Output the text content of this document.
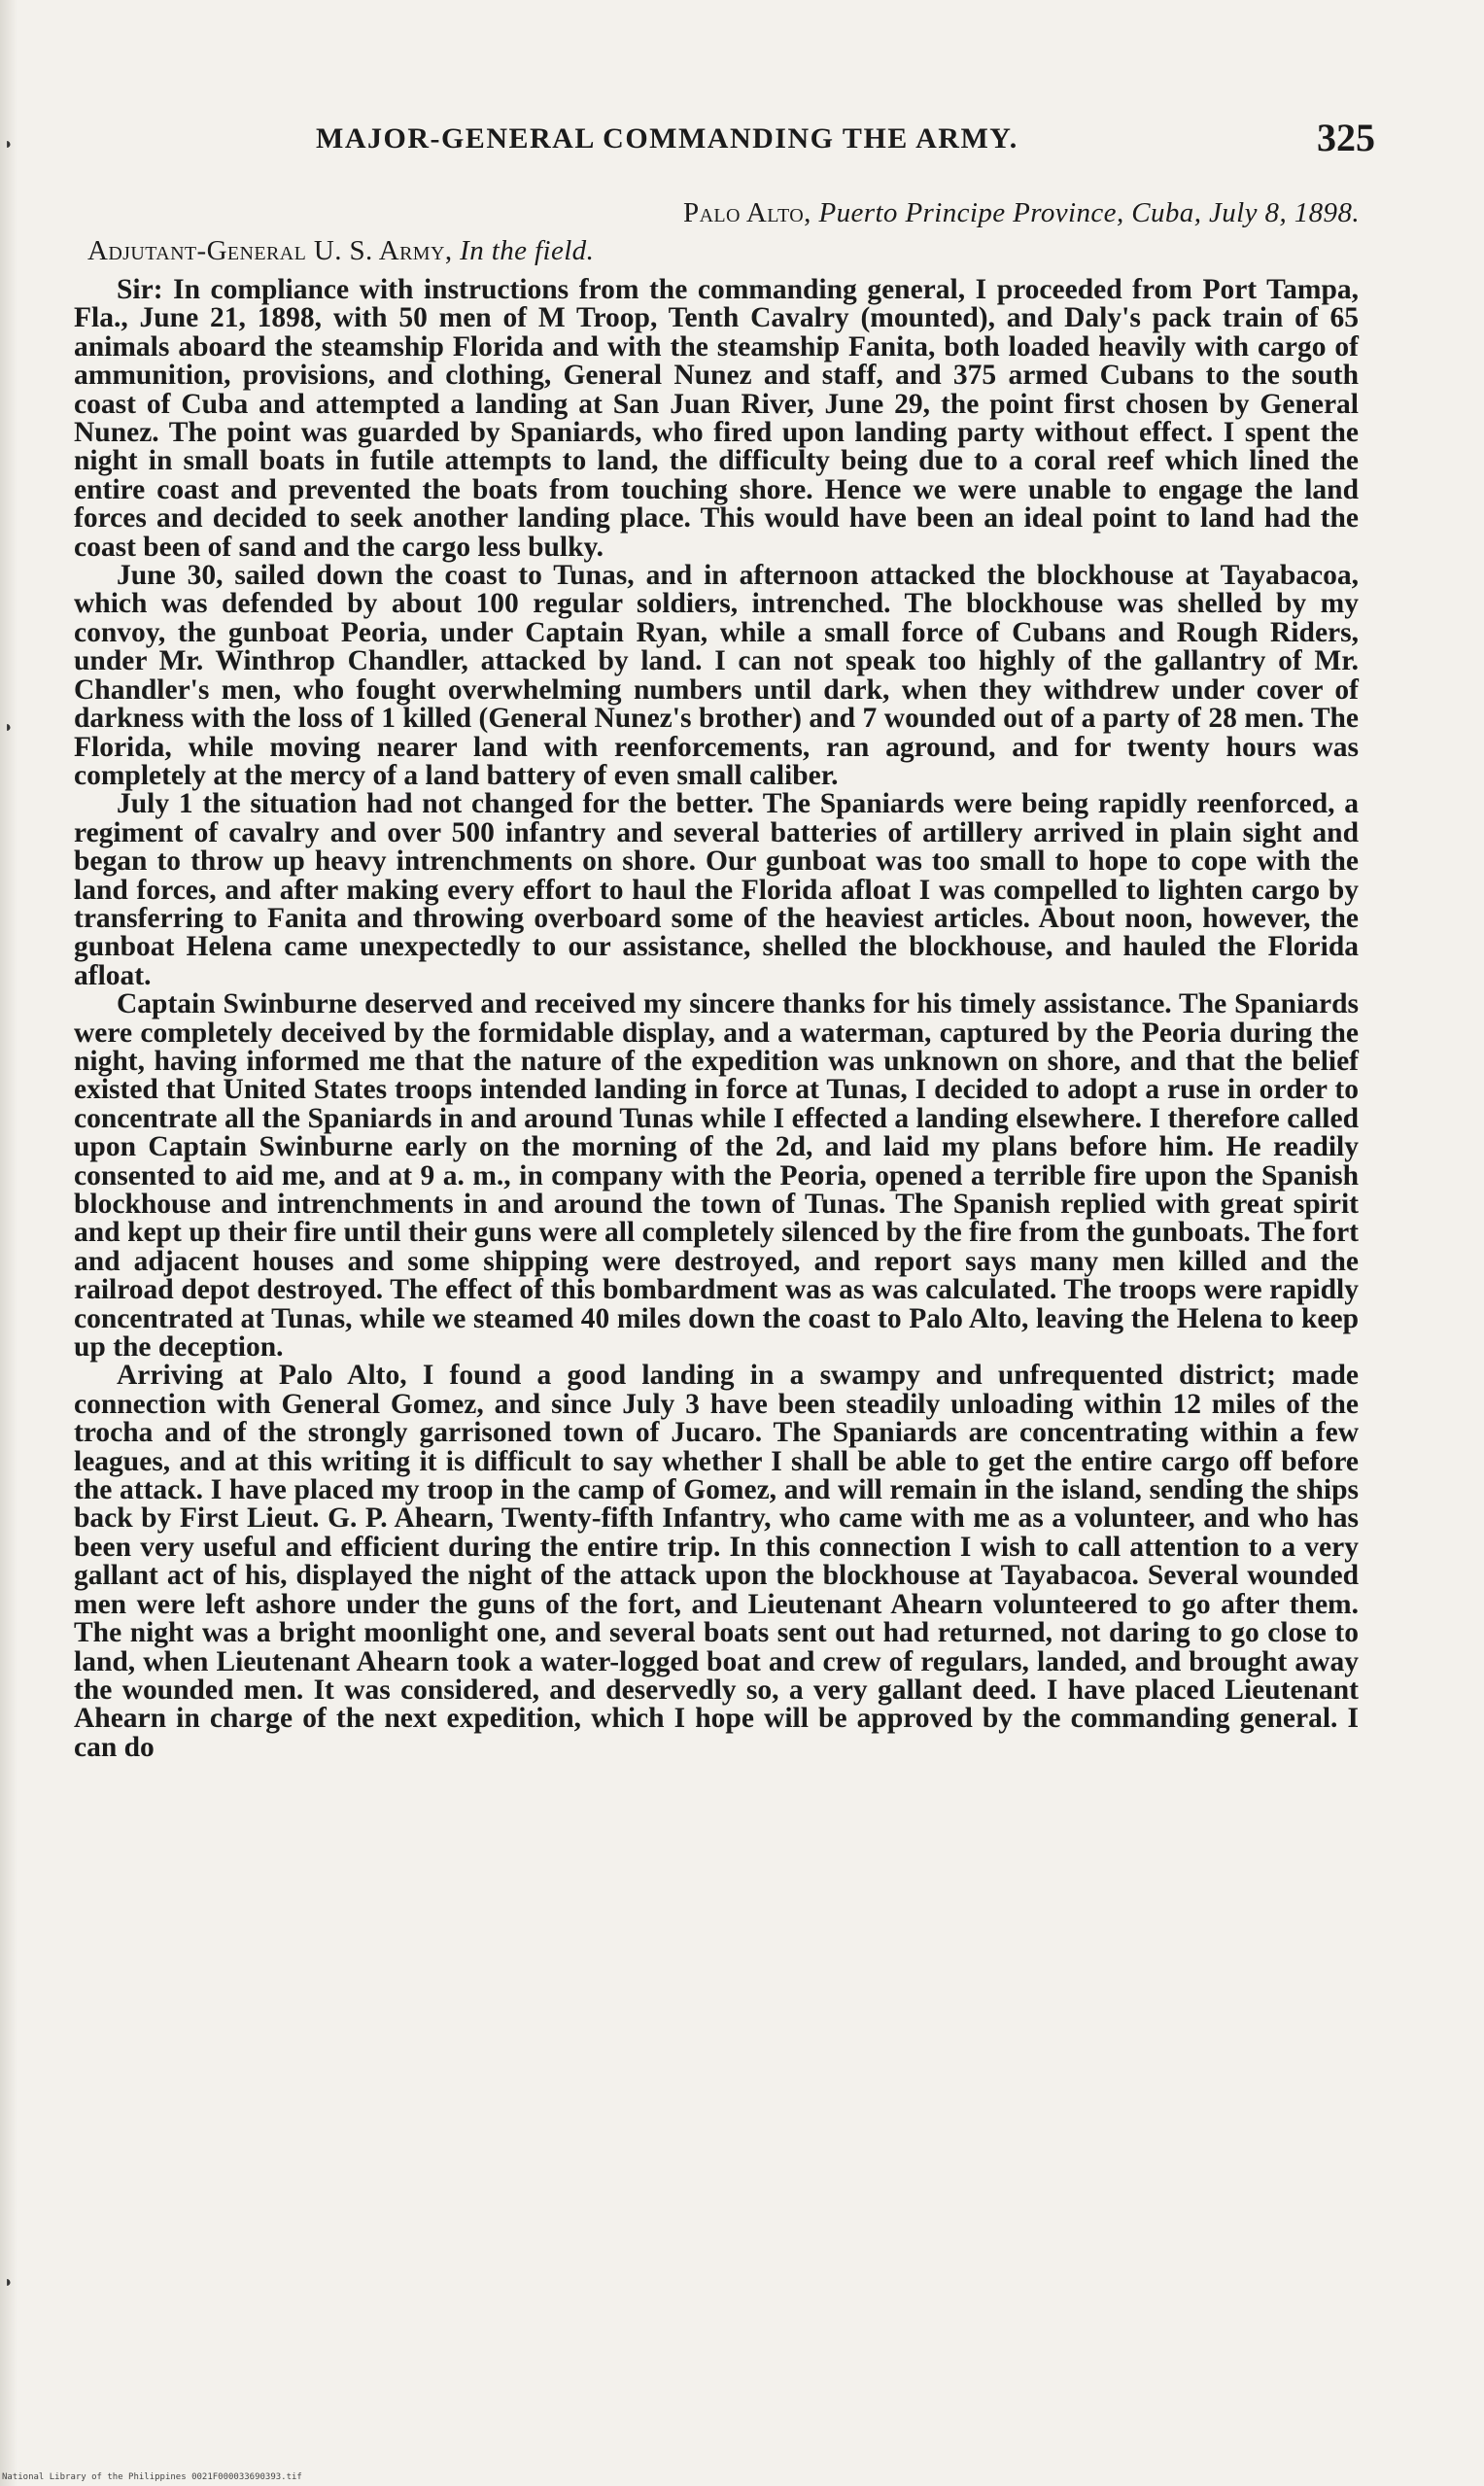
MAJOR-GENERAL COMMANDING THE ARMY.	325
Palo Alto, Puerto Principe Province, Cuba, July 8, 1898.
Adjutant-General U. S. Army, In the field.

Sir: In compliance with instructions from the commanding general, I proceeded from Port Tampa, Fla., June 21, 1898, with 50 men of M Troop, Tenth Cavalry (mounted), and Daly's pack train of 65 animals aboard the steamship Florida and with the steamship Fanita, both loaded heavily with cargo of ammunition, provisions, and clothing, General Nunez and staff, and 375 armed Cubans to the south coast of Cuba and attempted a landing at San Juan River, June 29, the point first chosen by General Nunez. The point was guarded by Spaniards, who fired upon landing party without effect. I spent the night in small boats in futile attempts to land, the difficulty being due to a coral reef which lined the entire coast and prevented the boats from touching shore. Hence we were unable to engage the land forces and decided to seek another landing place. This would have been an ideal point to land had the coast been of sand and the cargo less bulky.

June 30, sailed down the coast to Tunas, and in afternoon attacked the blockhouse at Tayabacoa, which was defended by about 100 regular soldiers, intrenched. The blockhouse was shelled by my convoy, the gunboat Peoria, under Captain Ryan, while a small force of Cubans and Rough Riders, under Mr. Winthrop Chandler, attacked by land. I can not speak too highly of the gallantry of Mr. Chandler's men, who fought overwhelming numbers until dark, when they withdrew under cover of darkness with the loss of 1 killed (General Nunez's brother) and 7 wounded out of a party of 28 men. The Florida, while moving nearer land with reenforcements, ran aground, and for twenty hours was completely at the mercy of a land battery of even small caliber.

July 1 the situation had not changed for the better. The Spaniards were being rapidly reenforced, a regiment of cavalry and over 500 infantry and several batteries of artillery arrived in plain sight and began to throw up heavy intrenchments on shore. Our gunboat was too small to hope to cope with the land forces, and after making every effort to haul the Florida afloat I was compelled to lighten cargo by transferring to Fanita and throwing overboard some of the heaviest articles. About noon, however, the gunboat Helena came unexpectedly to our assistance, shelled the blockhouse, and hauled the Florida afloat.

Captain Swinburne deserved and received my sincere thanks for his timely assistance. The Spaniards were completely deceived by the formidable display, and a waterman, captured by the Peoria during the night, having informed me that the nature of the expedition was unknown on shore, and that the belief existed that United States troops intended landing in force at Tunas, I decided to adopt a ruse in order to concentrate all the Spaniards in and around Tunas while I effected a landing elsewhere. I therefore called upon Captain Swinburne early on the morning of the 2d, and laid my plans before him. He readily consented to aid me, and at 9 a. m., in company with the Peoria, opened a terrible fire upon the Spanish blockhouse and intrenchments in and around the town of Tunas. The Spanish replied with great spirit and kept up their fire until their guns were all completely silenced by the fire from the gunboats. The fort and adjacent houses and some shipping were destroyed, and report says many men killed and the railroad depot destroyed. The effect of this bombardment was as was calculated. The troops were rapidly concentrated at Tunas, while we steamed 40 miles down the coast to Palo Alto, leaving the Helena to keep up the deception.

Arriving at Palo Alto, I found a good landing in a swampy and unfrequented district; made connection with General Gomez, and since July 3 have been steadily unloading within 12 miles of the trocha and of the strongly garrisoned town of Jucaro. The Spaniards are concentrating within a few leagues, and at this writing it is difficult to say whether I shall be able to get the entire cargo off before the attack. I have placed my troop in the camp of Gomez, and will remain in the island, sending the ships back by First Lieut. G. P. Ahearn, Twenty-fifth Infantry, who came with me as a volunteer, and who has been very useful and efficient during the entire trip. In this connection I wish to call attention to a very gallant act of his, displayed the night of the attack upon the blockhouse at Tayabacoa. Several wounded men were left ashore under the guns of the fort, and Lieutenant Ahearn volunteered to go after them. The night was a bright moonlight one, and several boats sent out had returned, not daring to go close to land, when Lieutenant Ahearn took a water-logged boat and crew of regulars, landed, and brought away the wounded men. It was considered, and deservedly so, a very gallant deed. I have placed Lieutenant Ahearn in charge of the next expedition, which I hope will be approved by the commanding general. I can do

◗
◗
◗
National Library of the Philippines 0021F000033690393.tif
